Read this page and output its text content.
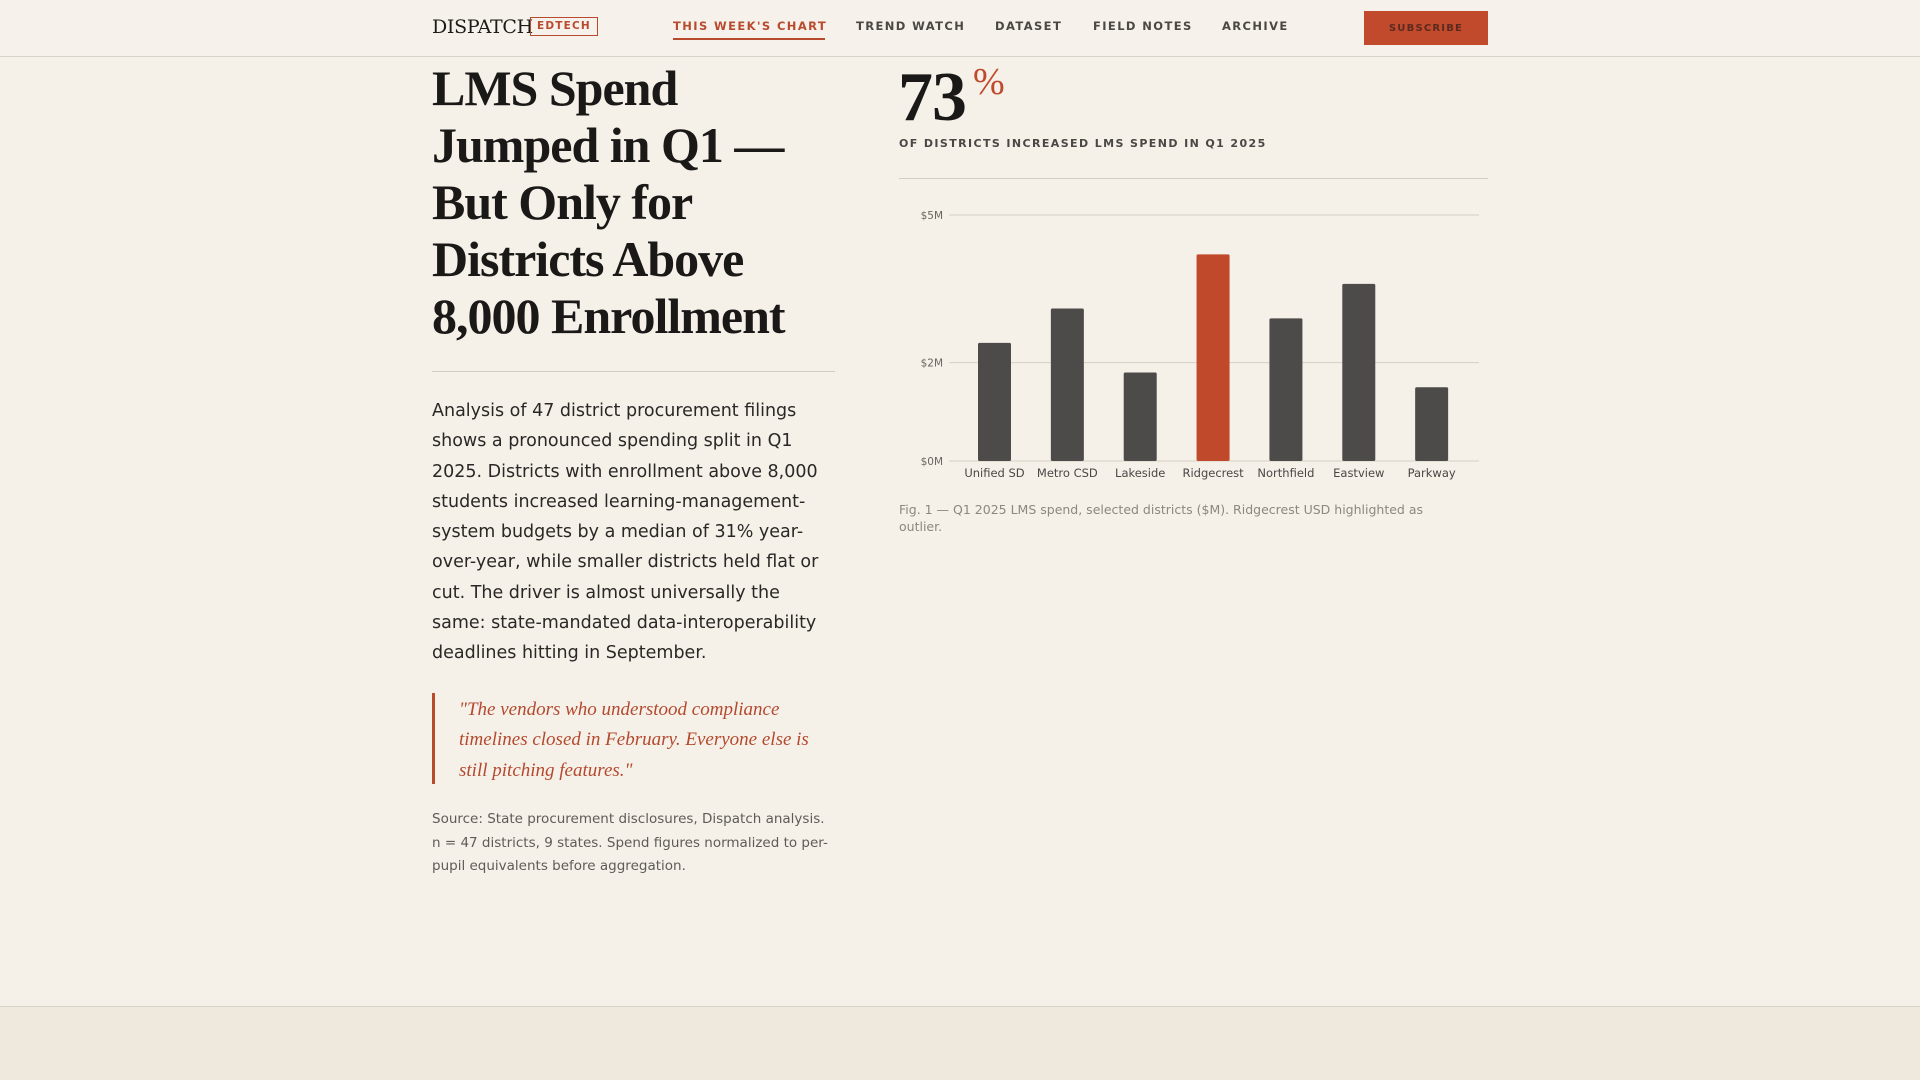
DISPATCH EDTECH	THIS WEEK'S CHART	TREND WATCH	DATASET	FIELD NOTES	ARCHIVE	SUBSCRIBE
LMS Spend Jumped in Q1 — But Only for Districts Above 8,000 Enrollment

Analysis of 47 district procurement filings shows a pronounced spending split in Q1 2025. Districts with enrollment above 8,000 students increased learning-management-system budgets by a median of 31% year-over-year, while smaller districts held flat or cut. The driver is almost universally the same: state-mandated data-interoperability deadlines hitting in September.

"The vendors who understood compliance timelines closed in February. Everyone else is still pitching features."

Source: State procurement disclosures, Dispatch analysis. n = 47 districts, 9 states. Spend figures normalized to per-pupil equivalents before aggregation.

73 %
OF DISTRICTS INCREASED LMS SPEND IN Q1 2025
$0M
$2M
$5M
Unified SD Metro CSD Lakeside Ridgecrest Northfield Eastview Parkway

Fig. 1 — Q1 2025 LMS spend, selected districts ($M). Ridgecrest USD highlighted as outlier.
